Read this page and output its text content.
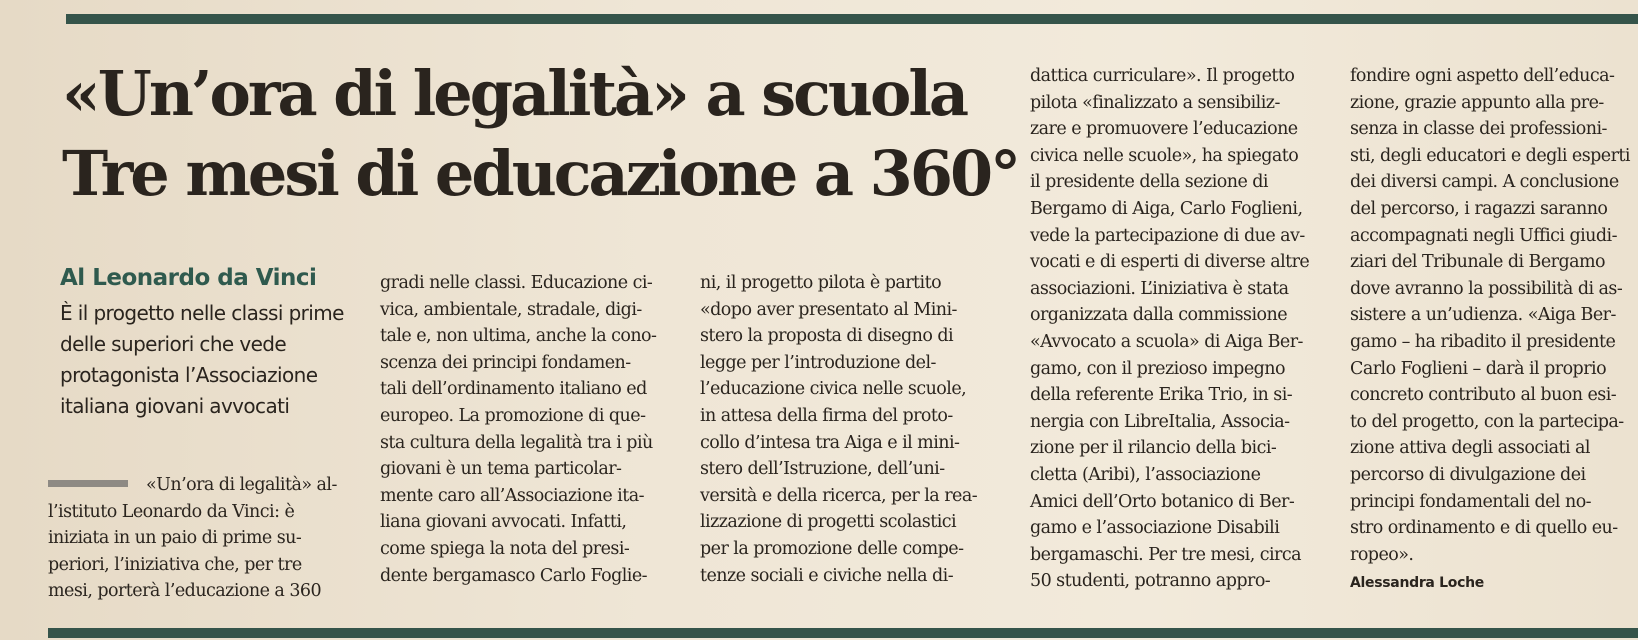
«Un’ora di legalità» a scuola
Tre mesi di educazione a 360°
Al Leonardo da Vinci
È il progetto nelle classi prime
delle superiori che vede
protagonista l’Associazione
italiana giovani avvocati
«Un’ora di legalità» al-
l’istituto Leonardo da Vinci: è
iniziata in un paio di prime su-
periori, l’iniziativa che, per tre
mesi, porterà l’educazione a 360
gradi nelle classi. Educazione ci-
vica, ambientale, stradale, digi-
tale e, non ultima, anche la cono-
scenza dei principi fondamen-
tali dell’ordinamento italiano ed
europeo. La promozione di que-
sta cultura della legalità tra i più
giovani è un tema particolar-
mente caro all’Associazione ita-
liana giovani avvocati. Infatti,
come spiega la nota del presi-
dente bergamasco Carlo Foglie-
ni, il progetto pilota è partito
«dopo aver presentato al Mini-
stero la proposta di disegno di
legge per l’introduzione del-
l’educazione civica nelle scuole,
in attesa della firma del proto-
collo d’intesa tra Aiga e il mini-
stero dell’Istruzione, dell’uni-
versità e della ricerca, per la rea-
lizzazione di progetti scolastici
per la promozione delle compe-
tenze sociali e civiche nella di-
dattica curriculare». Il progetto
pilota «finalizzato a sensibiliz-
zare e promuovere l’educazione
civica nelle scuole», ha spiegato
il presidente della sezione di
Bergamo di Aiga, Carlo Foglieni,
vede la partecipazione di due av-
vocati e di esperti di diverse altre
associazioni. L’iniziativa è stata
organizzata dalla commissione
«Avvocato a scuola» di Aiga Ber-
gamo, con il prezioso impegno
della referente Erika Trio, in si-
nergia con LibreItalia, Associa-
zione per il rilancio della bici-
cletta (Aribi), l’associazione
Amici dell’Orto botanico di Ber-
gamo e l’associazione Disabili
bergamaschi. Per tre mesi, circa
50 studenti, potranno appro-
fondire ogni aspetto dell’educa-
zione, grazie appunto alla pre-
senza in classe dei professioni-
sti, degli educatori e degli esperti
dei diversi campi. A conclusione
del percorso, i ragazzi saranno
accompagnati negli Uffici giudi-
ziari del Tribunale di Bergamo
dove avranno la possibilità di as-
sistere a un’udienza. «Aiga Ber-
gamo – ha ribadito il presidente
Carlo Foglieni – darà il proprio
concreto contributo al buon esi-
to del progetto, con la partecipa-
zione attiva degli associati al
percorso di divulgazione dei
principi fondamentali del no-
stro ordinamento e di quello eu-
ropeo».
Alessandra Loche
